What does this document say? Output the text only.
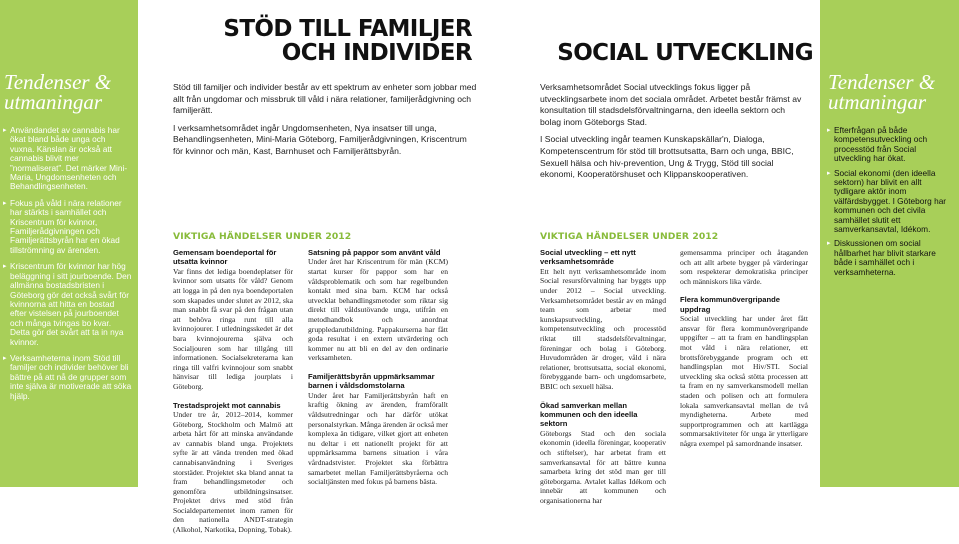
Tendenser &
utmaningar
▸ Användandet av cannabis har ökat bland både unga och vuxna. Känslan är också att cannabis blivit mer ”normaliserat”. Det märker Mini-Maria, Ungdomsenheten och Behandlingsenheten.
▸ Fokus på våld i nära relationer har stärkts i samhället och Kriscentrum för kvinnor, Familjerådgivningen och Familjerättsbyrån har en ökad tillströmning av ärenden.
▸ Kriscentrum för kvinnor har hög beläggning i sitt jourboende. Den allmänna bostadsbristen i Göteborg gör det också svårt för kvinnorna att hitta en bostad efter vistelsen på jourboendet och många tvingas bo kvar. Detta gör det svårt att ta in nya kvinnor.
▸ Verksamheterna inom Stöd till familjer och individer behöver bli bättre på att nå de grupper som inte själva är motiverade att söka hjälp.
STÖD TILL FAMILJER
OCH INDIVIDER	SOCIAL UTVECKLING

Stöd till familjer och individer består av ett spektrum av enheter som jobbar med allt från ungdomar och missbruk till våld i nära relationer, familjerådgivning och familjerätt.

I verksamhetsområdet ingår Ungdomsenheten, Nya insatser till unga, Behandlingsenheten, Mini-Maria Göteborg, Familjerådgivningen, Kriscentrum för kvinnor och män, Kast, Barnhuset och Familjerättsbyrån.

Verksamhetsområdet Social utvecklings fokus ligger på utvecklingsarbete inom det sociala området. Arbetet består främst av konsultation till stadsdelsförvaltningarna, den ideella sektorn och bolag inom Göteborgs Stad.

I Social utveckling ingår teamen Kunskapskällar'n, Dialoga, Kompetenscentrum för stöd till brottsutsatta, Barn och unga, BBIC, Sexuell hälsa och hiv-prevention, Ung & Trygg, Stöd till social ekonomi, Kooperatörshuset och Klippanskooperativen.

VIKTIGA HÄNDELSER UNDER 2012	VIKTIGA HÄNDELSER UNDER 2012
Gemensam boendeportal för utsatta kvinnor

Var finns det lediga boendeplatser för kvinnor som utsatts för våld? Genom att logga in på den nya boendeportalen som skapades under slutet av 2012, ska man snabbt få svar på den frågan utan att behöva ringa runt till alla kvinnojourer. I utledningsskedet är det bara kvinnojourerna själva och Socialjouren som har tillgång till informationen. Socialsekreterarna kan ringa till valfri kvinnojour som snabbt hänvisar till lediga jourplats i Göteborg.

Trestadsprojekt mot cannabis

Under tre år, 2012–2014, kommer Göteborg, Stockholm och Malmö att arbeta hårt för att minska användande av cannabis bland unga. Projektets syfte är att vända trenden med ökad cannabisanvändning i Sveriges storstäder. Projektet ska bland annat ta fram behandlingsmetoder och genomföra utbildningsinsatser. Projektet drivs med stöd från Socialdepartementet inom ramen för den nationella ANDT-strategin (Alkohol, Narkotika, Dopning, Tobak).

Satsning på pappor som använt våld

Under året har Kriscentrum för män (KCM) startat kurser för pappor som har en våldsproblematik och som har regelbunden kontakt med sina barn. KCM har också utvecklat behandlingsmetoder som riktar sig direkt till våldsutövande unga, utifrån en metodhandbok och anordnat gruppledarutbildning. Pappakurserna har fått goda resultat i en extern utvärdering och kommer nu att bli en del av den ordinarie verksamheten.

Familjerättsbyrån uppmärksammar barnen i våldsdomstolarna

Under året har Familjerättsbyrån haft en kraftig ökning av ärenden, framförallt våldsutredningar och har därför utökat personalstyrkan. Många ärenden är också mer komplexa än tidigare, vilket gjort att enheten nu deltar i ett nationellt projekt för att uppmärksamma barnens situation i våra vårdnadstvister. Projektet ska förbättra samarbetet mellan Familjerättsbyråerna och socialtjänsten med fokus på barnens bästa.

Social utveckling – ett nytt verksamhetsområde

Ett helt nytt verksamhetsområde inom Social resursförvaltning har byggts upp under 2012 – Social utveckling. Verksamhetsområdet består av en mängd team som arbetar med kunskapsutveckling, kompetensutveckling och processtöd riktat till stadsdelsförvaltningar, föreningar och bolag i Göteborg. Huvudområden är droger, våld i nära relationer, brottsutsatta, social ekonomi, förebyggande barn- och ungdomsarbete, BBIC och sexuell hälsa.

Ökad samverkan mellan kommunen och den ideella sektorn

Göteborgs Stad och den sociala ekonomin (ideella föreningar, kooperativ och stiftelser), har arbetat fram ett samverkansavtal för att bättre kunna samarbeta kring det stöd man ger till göteborgarna. Avtalet kallas Idékom och innebär att kommunen och organisationerna har

gemensamma principer och åtaganden och att allt arbete bygger på värderingar som respekterar demokratiska principer och människors lika värde.

Flera kommunövergripande uppdrag

Social utveckling har under året fått ansvar för flera kommunövergripande uppgifter – att ta fram en handlingsplan mot våld i nära relationer, ett brottsförebyggande program och ett handlingsplan mot Hiv/STI. Social utveckling ska också stötta processen att ta fram en ny samverkansmodell mellan staden och polisen och att formulera lokala samverkansavtal mellan de två myndigheterna. Arbete med supportprogrammen och att kartlägga sommarsaktiviteter för unga är ytterligare några exempel på samordnande insatser.

Tendenser &
utmaningar
▸ Efterfrågan på både kompetensutveckling och processtöd från Social utveckling har ökat.
▸ Social ekonomi (den ideella sektorn) har blivit en allt tydligare aktör inom välfärdsbygget. I Göteborg har kommunen och det civila samhället slutit ett samverkansavtal, Idékom.
▸ Diskussionen om social hållbarhet har blivit starkare både i samhället och i verksamheterna.
